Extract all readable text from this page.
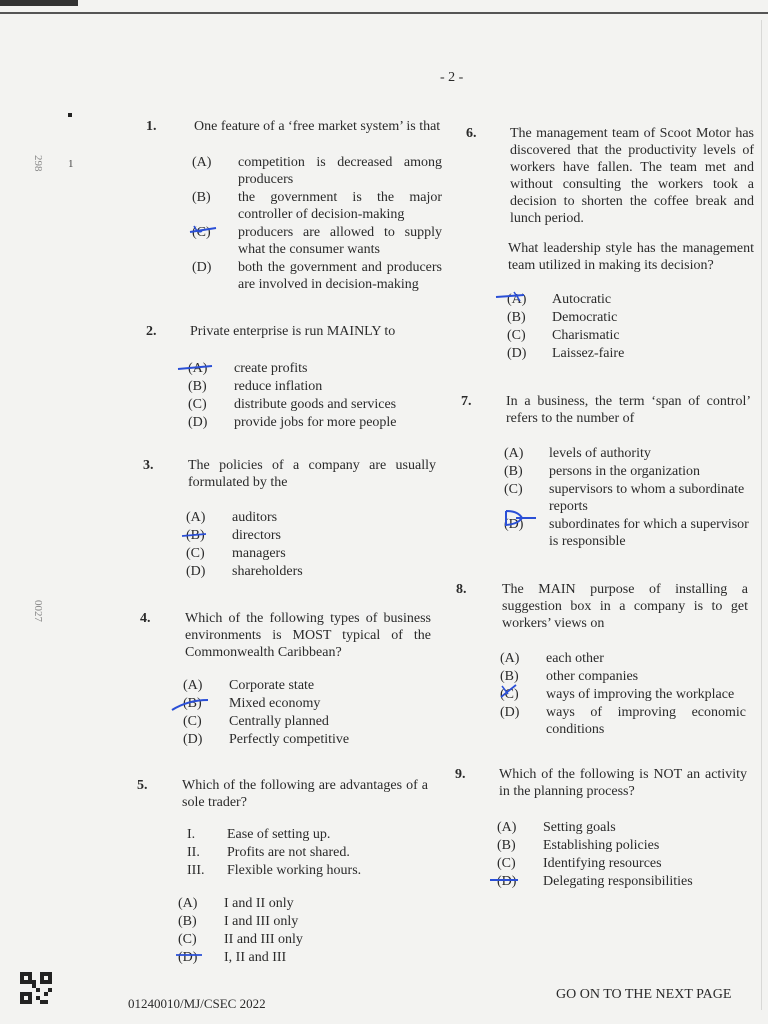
- 2 -
298 1
0027
1.	One feature of a ‘free market system’ is that
(A) competition is decreased among producers
(B) the government is the major controller of decision-making
(C) producers are allowed to supply what the consumer wants
(D) both the government and producers are involved in decision-making
2. Private enterprise is run MAINLY to
(A) create profits
(B) reduce inflation
(C) distribute goods and services
(D) provide jobs for more people
3. The policies of a company are usually formulated by the
(A) auditors
(B) directors
(C) managers
(D) shareholders
4. Which of the following types of business environments is MOST typical of the Commonwealth Caribbean?
(A) Corporate state
(B) Mixed economy
(C) Centrally planned
(D) Perfectly competitive
5. Which of the following are advantages of a sole trader?
I. Ease of setting up.
II. Profits are not shared.
III. Flexible working hours.
(A) I and II only
(B) I and III only
(C) II and III only
(D) I, II and III
6. The management team of Scoot Motor has discovered that the productivity levels of workers have fallen. The team met and without consulting the workers took a decision to shorten the coffee break and lunch period.
What leadership style has the management team utilized in making its decision?
(A) Autocratic
(B) Democratic
(C) Charismatic
(D) Laissez-faire
7. In a business, the term ‘span of control’ refers to the number of
(A) levels of authority
(B) persons in the organization
(C) supervisors to whom a subordinate reports
(D) subordinates for which a supervisor is responsible
8.	The MAIN purpose of installing a suggestion box in a company is to get workers’ views on
(A) each other
(B) other companies
(C) ways of improving the workplace
(D) ways of improving economic conditions
9. Which of the following is NOT an activity in the planning process?
(A) Setting goals
(B) Establishing policies
(C) Identifying resources
(D) Delegating responsibilities
01240010/MJ/CSEC 2022
GO ON TO THE NEXT PAGE
